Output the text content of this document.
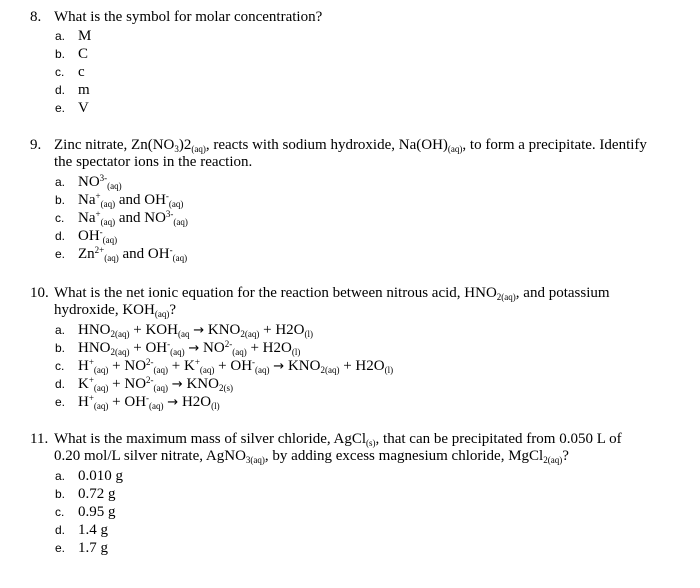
8. What is the symbol for molar concentration?
a. M
b. C
c. c
d. m
e. V
9. Zinc nitrate, $Zn(NO_3)2_{(aq)}$, reacts with sodium hydroxide, $Na(OH)_{(aq)}$, to form a precipitate. Identify the spectator ions in the reaction.
a. $NO^{3-}_{(aq)}$
b. $Na^+_{(aq)}$ and $OH^-_{(aq)}$
c. $Na^+_{(aq)}$ and $NO^{3-}_{(aq)}$
d. $OH^-_{(aq)}$
e. $Zn^{2+}_{(aq)}$ and $OH^-_{(aq)}$
10. What is the net ionic equation for the reaction between nitrous acid, $HNO_{2(aq)}$, and potassium hydroxide, $KOH_{(aq)}$?
a. $HNO_{2(aq)} + KOH_{(aq} \to KNO_{2(aq)} + H2O_{(l)}$
b. $HNO_{2(aq)} + OH^-_{(aq)} \to NO^{2-}_{(aq)} + H2O_{(l)}$
c. $H^+_{(aq)} + NO^{2-}_{(aq)} + K^+_{(aq)} + OH^-_{(aq)} \to KNO_{2(aq)} + H2O_{(l)}$
d. $K^+_{(aq)} + NO^{2-}_{(aq)} \to KNO_{2(s)}$
e. $H^+_{(aq)} + OH^-_{(aq)} \to H2O_{(l)}$
11. What is the maximum mass of silver chloride, AgCl$_{(s)}$, that can be precipitated from 0.050 L of 0.20 mol/L silver nitrate, AgNO$_{3(aq)}$, by adding excess magnesium chloride, MgCl$_{2(aq)}$?
a. 0.010 g
b. 0.72 g
c. 0.95 g
d. 1.4 g
e. 1.7 g
